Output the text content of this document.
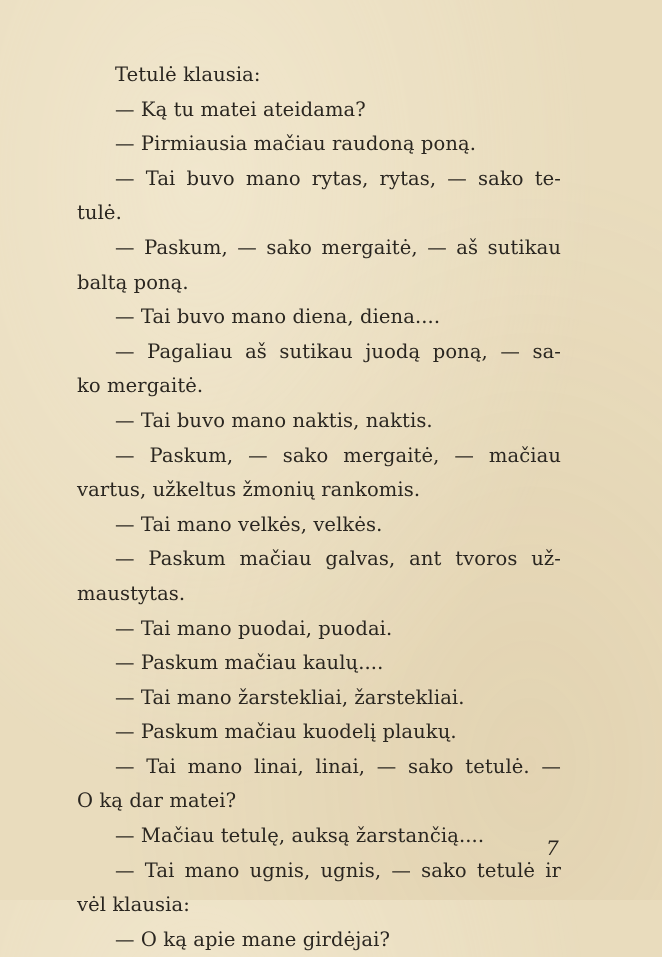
Tetulė klausia:
— Ką tu matei ateidama?
— Pirmiausia mačiau raudoną poną.
— Tai buvo mano rytas, rytas, — sako te-
tulė.
— Paskum, — sako mergaitė, — aš sutikau
baltą poną.
— Tai buvo mano diena, diena....
— Pagaliau aš sutikau juodą poną, — sa-
ko mergaitė.
— Tai buvo mano naktis, naktis.
— Paskum, — sako mergaitė, — mačiau
vartus, užkeltus žmonių rankomis.
— Tai mano velkės, velkės.
— Paskum mačiau galvas, ant tvoros už-
maustytas.
— Tai mano puodai, puodai.
— Paskum mačiau kaulų....
— Tai mano žarstekliai, žarstekliai.
— Paskum mačiau kuodelį plaukų.
— Tai mano linai, linai, — sako tetulė. —
O ką dar matei?
— Mačiau tetulę, auksą žarstančią....
— Tai mano ugnis, ugnis, — sako tetulė ir
vėl klausia:
— O ką apie mane girdėjai?
7
